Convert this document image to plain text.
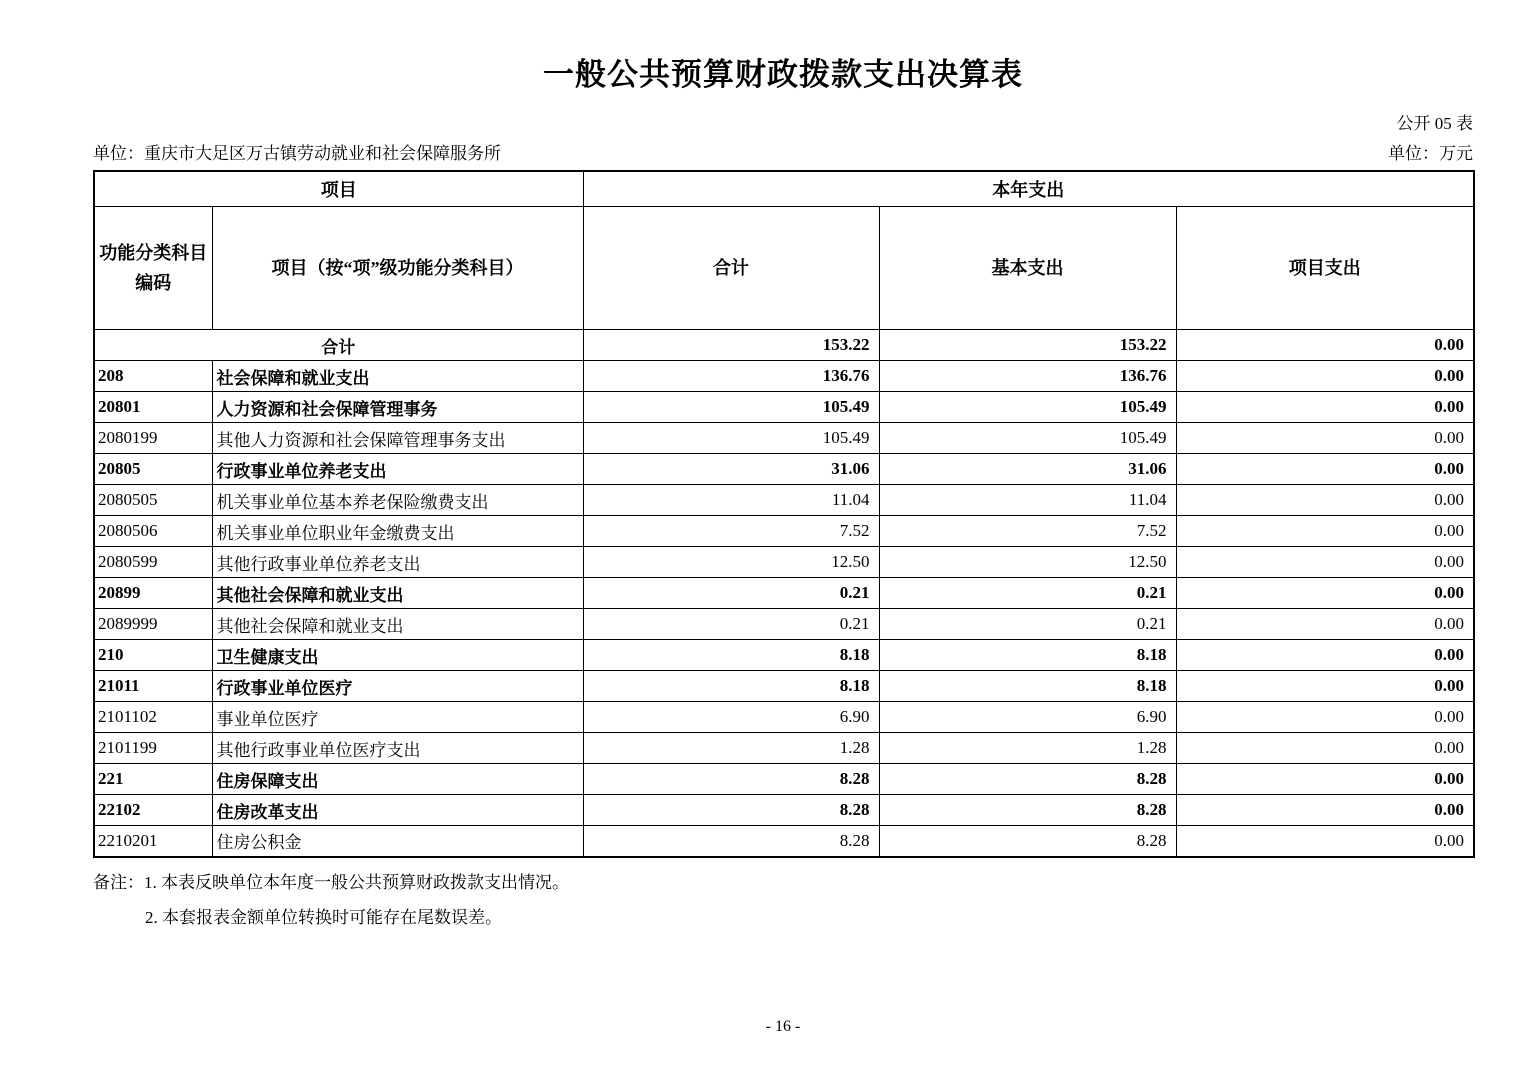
一般公共预算财政拨款支出决算表
公开 05 表
单位：重庆市大足区万古镇劳动就业和社会保障服务所	单位：万元
项目		本年支出		
功能分类科目
编码	项目（按“项”级功能分类科目）	合计	基本支出	项目支出
合计		153.22	153.22	0.00
208	社会保障和就业支出	136.76	136.76	0.00
20801	人力资源和社会保障管理事务	105.49	105.49	0.00
2080199	其他人力资源和社会保障管理事务支出	105.49	105.49	0.00
20805	行政事业单位养老支出	31.06	31.06	0.00
2080505	机关事业单位基本养老保险缴费支出	11.04	11.04	0.00
2080506	机关事业单位职业年金缴费支出	7.52	7.52	0.00
2080599	其他行政事业单位养老支出	12.50	12.50	0.00
20899	其他社会保障和就业支出	0.21	0.21	0.00
2089999	其他社会保障和就业支出	0.21	0.21	0.00
210	卫生健康支出	8.18	8.18	0.00
21011	行政事业单位医疗	8.18	8.18	0.00
2101102	事业单位医疗	6.90	6.90	0.00
2101199	其他行政事业单位医疗支出	1.28	1.28	0.00
221	住房保障支出	8.28	8.28	0.00
22102	住房改革支出	8.28	8.28	0.00
2210201	住房公积金	8.28	8.28	0.00
备注：1. 本表反映单位本年度一般公共预算财政拨款支出情况。
2. 本套报表金额单位转换时可能存在尾数误差。
- 16 -
